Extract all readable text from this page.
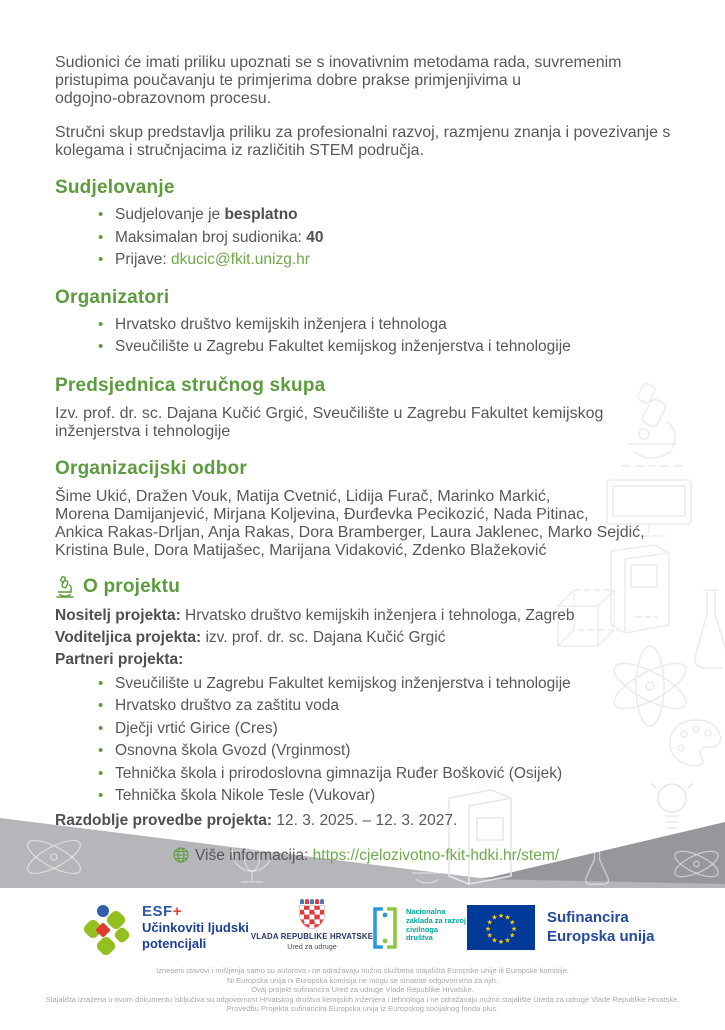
Sudionici će imati priliku upoznati se s inovativnim metodama rada, suvremenim
pristupima poučavanju te primjerima dobre prakse primjenjivima u
odgojno-obrazovnom procesu.

Stručni skup predstavlja priliku za profesionalni razvoj, razmjenu znanja i povezivanje s
kolegama i stručnjacima iz različitih STEM područja.

Sudjelovanje
• Sudjelovanje je besplatno
• Maksimalan broj sudionika: 40
• Prijave: dkucic@fkit.unizg.hr
Organizatori
• Hrvatsko društvo kemijskih inženjera i tehnologa
• Sveučilište u Zagrebu Fakultet kemijskog inženjerstva i tehnologije
Predsjednica stručnog skupa

Izv. prof. dr. sc. Dajana Kučić Grgić, Sveučilište u Zagrebu Fakultet kemijskog
inženjerstva i tehnologije

Organizacijski odbor

Šime Ukić, Dražen Vouk, Matija Cvetnić, Lidija Furač, Marinko Markić,
Morena Damijanjević, Mirjana Koljevina, Đurđevka Pecikozić, Nada Pitinac,
Ankica Rakas-Drljan, Anja Rakas, Dora Bramberger, Laura Jaklenec, Marko Sejdić,
Kristina Bule, Dora Matijašec, Marijana Vidaković, Zdenko Blažeković

O projektu
Nositelj projekta: Hrvatsko društvo kemijskih inženjera i tehnologa, Zagreb
Voditeljica projekta: izv. prof. dr. sc. Dajana Kučić Grgić
Partneri projekta:
• Sveučilište u Zagrebu Fakultet kemijskog inženjerstva i tehnologije
• Hrvatsko društvo za zaštitu voda
• Dječji vrtić Girice (Cres)
• Osnovna škola Gvozd (Vrginmost)
• Tehnička škola i prirodoslovna gimnazija Ruđer Bošković (Osijek)
• Tehnička škola Nikole Tesle (Vukovar)
Razdoblje provedbe projekta: 12. 3. 2025. – 12. 3. 2027.
Više informacija: https://cjelozivotno-fkit-hdki.hr/stem/
ESF+
Učinkoviti ljudski potencijali	VLADA REPUBLIKE HRVATSKE
Ured za udruge
Nacionalna zaklada za razvoj civilnoga društva
★ ★
★
★
★
★
★
★
★
★
★
★	Sufinancira
Europska unija
Izneseni stavovi i mišljenja samo su autorova i ne odražavaju nužno službena stajališta Europske unije ili Europske komisije.
Ni Europska unija ni Europska komisija ne mogu se smatrati odgovornima za njih.
Ovaj projekt sufinancira Ured za udruge Vlade Republike Hrvatske.
Stajališta izražena u ovom dokumentu isključiva su odgovornost Hrvatskog društva kemijskih inženjera i tehnologa i ne odražavaju nužno stajalište Ureda za udruge Vlade Republike Hrvatske.
Provedbu Projekta sufinancira Europska unija iz Europskog socijalnog fonda plus.
